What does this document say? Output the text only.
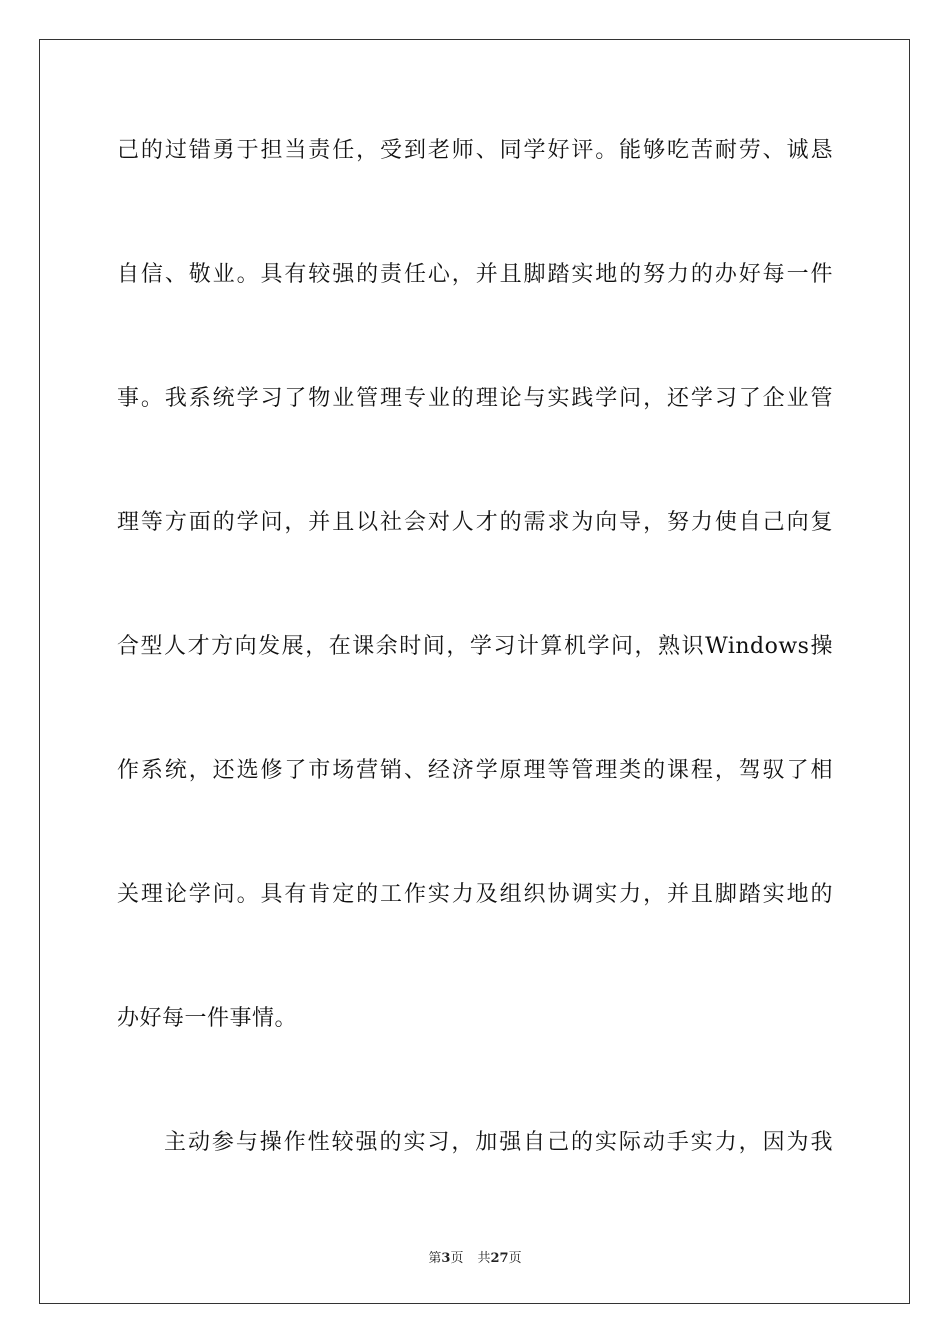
己的过错勇于担当责任，受到老师、同学好评。能够吃苦耐劳、诚恳
自信、敬业。具有较强的责任心，并且脚踏实地的努力的办好每一件
事。我系统学习了物业管理专业的理论与实践学问，还学习了企业管
理等方面的学问，并且以社会对人才的需求为向导，努力使自己向复
合型人才方向发展，在课余时间，学习计算机学问，熟识Windows操
作系统，还选修了市场营销、经济学原理等管理类的课程，驾驭了相
关理论学问。具有肯定的工作实力及组织协调实力，并且脚踏实地的
办好每一件事情。
主动参与操作性较强的实习，加强自己的实际动手实力，因为我
第3页 共27页
